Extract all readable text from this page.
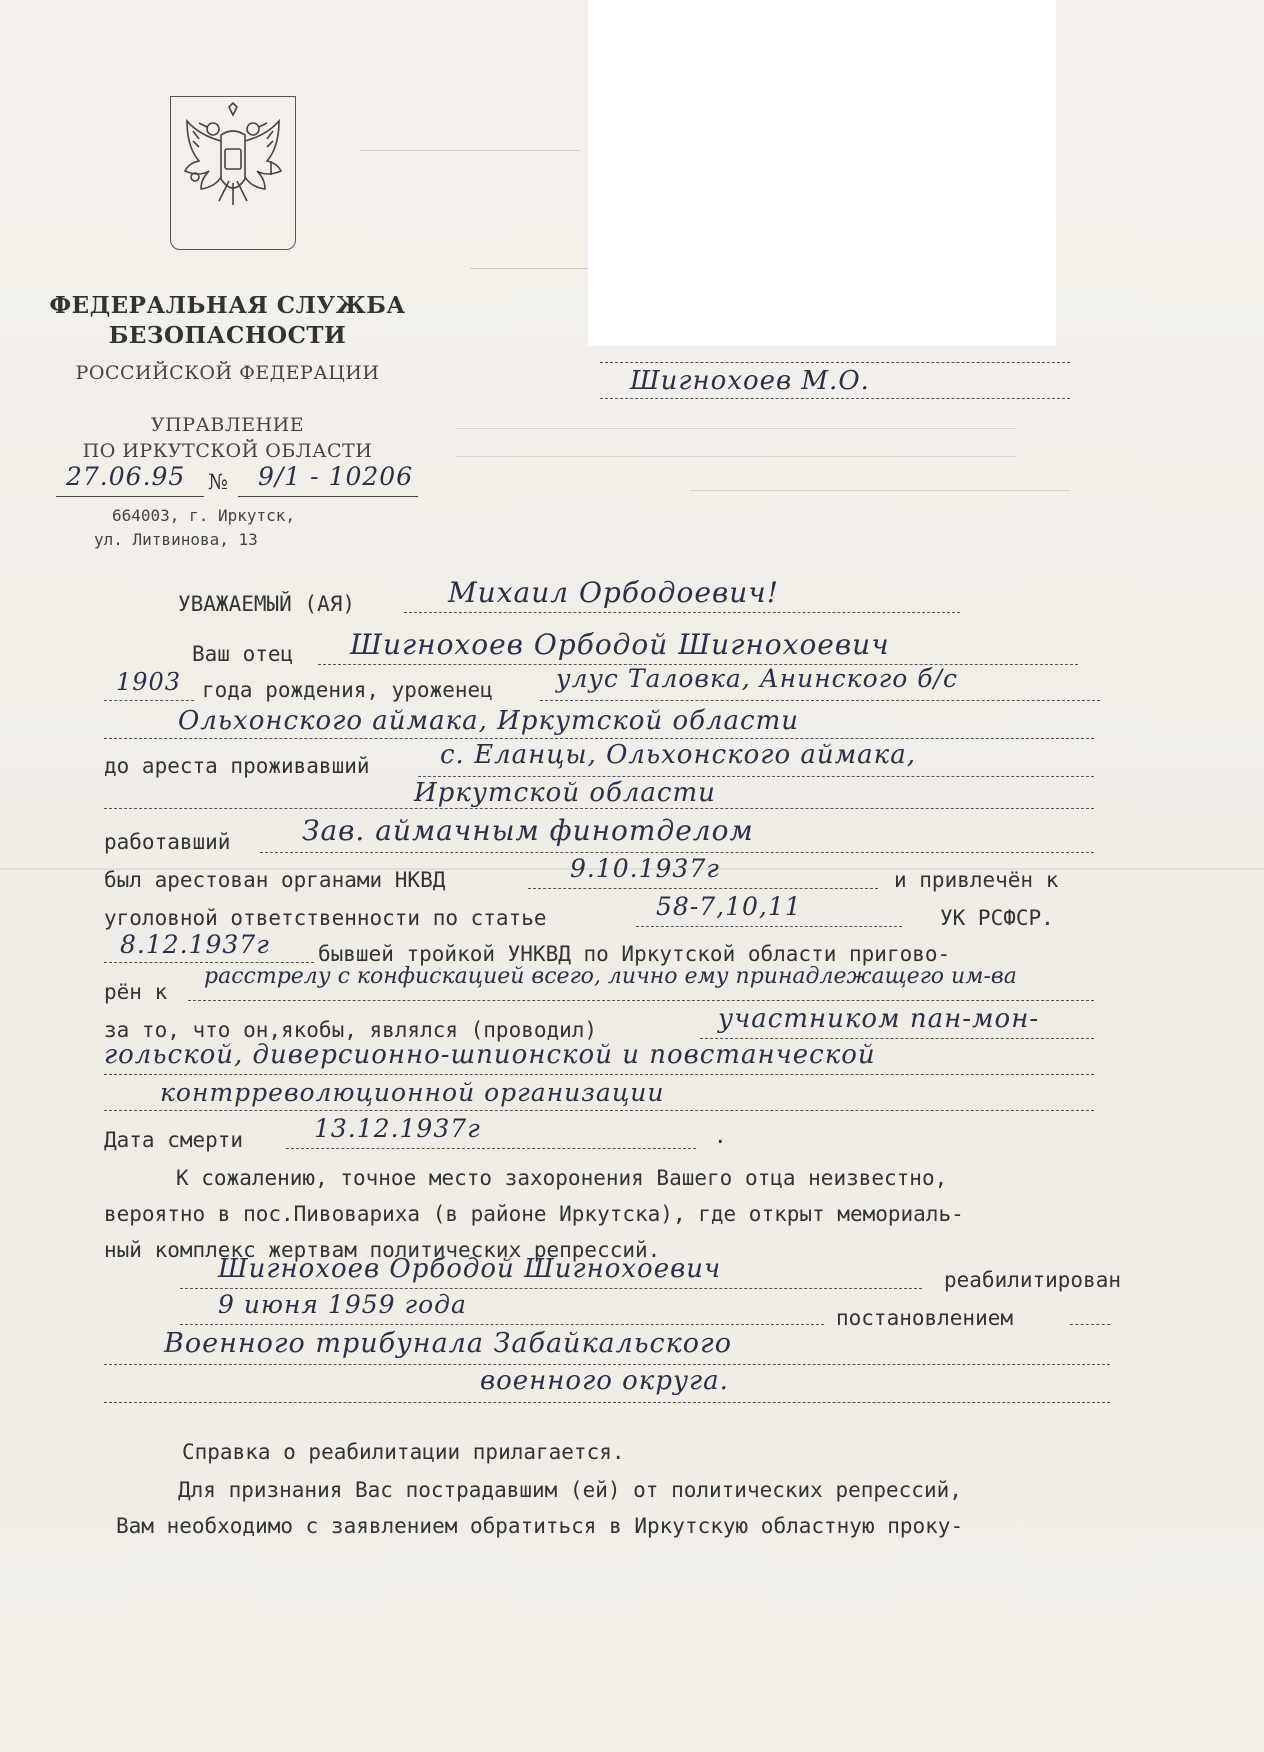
ФЕДЕРАЛЬНАЯ СЛУЖБА
БЕЗОПАСНОСТИ
РОССИЙСКОЙ ФЕДЕРАЦИИ
УПРАВЛЕНИЕ
ПО ИРКУТСКОЙ ОБЛАСТИ
27.06.95 № 9/1 - 10206
664003, г. Иркутск,
ул. Литвинова, 13
Шигнохоев М.О.
УВАЖАЕМЫЙ (АЯ)	Михаил Орбодоевич!
Ваш отец Шигнохоев Орбодой Шигнохоевич
1903 года рождения, уроженец	улус Таловка, Анинского б/с
Ольхонского аймака, Иркутской области
до ареста проживавший	с. Еланцы, Ольхонского аймака,
Иркутской области
работавший	Зав. аймачным финотделом
был арестован органами НКВД	9.10.1937г	и привлечён к
уголовной ответственности по статье	58-7,10,11	УК РСФСР.
8.12.1937г бывшей тройкой УНКВД по Иркутской области пригово-
рён к
расстрелу с конфискацией всего, лично ему принадлежащего им-ва
за то, что он,якобы, являлся (проводил)	участником пан-мон-
гольской, диверсионно-шпионской и повстанческой
контрреволюционной организации
Дата смерти	13.12.1937г	.
К сожалению, точное место захоронения Вашего отца неизвестно,
вероятно в пос.Пивовариха (в районе Иркутска), где открыт мемориаль-
ный комплекс жертвам политических репрессий.
Шигнохоев Орбодой Шигнохоевич	реабилитирован
9 июня 1959 года	постановлением
Военного трибунала Забайкальского
военного округа.
Справка о реабилитации прилагается.
Для признания Вас пострадавшим (ей) от политических репрессий,
Вам необходимо с заявлением обратиться в Иркутскую областную проку-
